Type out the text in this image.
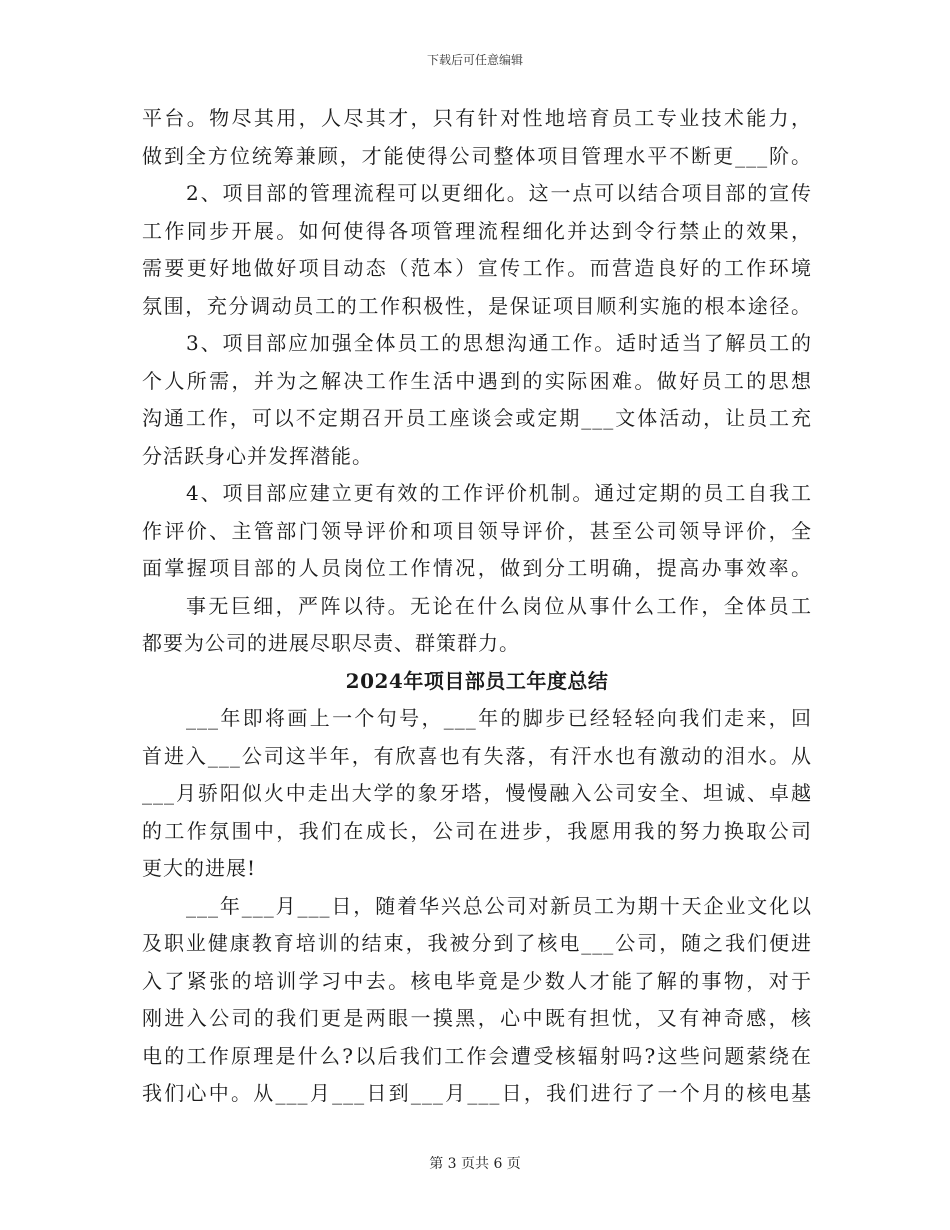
下载后可任意编辑
平台。物尽其用，人尽其才，只有针对性地培育员工专业技术能力，
做到全方位统筹兼顾，才能使得公司整体项目管理水平不断更___阶。
2、项目部的管理流程可以更细化。这一点可以结合项目部的宣传
工作同步开展。如何使得各项管理流程细化并达到令行禁止的效果，
需要更好地做好项目动态（范本）宣传工作。而营造良好的工作环境
氛围，充分调动员工的工作积极性，是保证项目顺利实施的根本途径。
3、项目部应加强全体员工的思想沟通工作。适时适当了解员工的
个人所需，并为之解决工作生活中遇到的实际困难。做好员工的思想
沟通工作，可以不定期召开员工座谈会或定期___文体活动，让员工充
分活跃身心并发挥潜能。
4、项目部应建立更有效的工作评价机制。通过定期的员工自我工
作评价、主管部门领导评价和项目领导评价，甚至公司领导评价，全
面掌握项目部的人员岗位工作情况，做到分工明确，提高办事效率。
事无巨细，严阵以待。无论在什么岗位从事什么工作，全体员工
都要为公司的进展尽职尽责、群策群力。
2024年项目部员工年度总结
___年即将画上一个句号，___年的脚步已经轻轻向我们走来，回
首进入___公司这半年，有欣喜也有失落，有汗水也有激动的泪水。从
___月骄阳似火中走出大学的象牙塔，慢慢融入公司安全、坦诚、卓越
的工作氛围中，我们在成长，公司在进步，我愿用我的努力换取公司
更大的进展!
___年___月___日，随着华兴总公司对新员工为期十天企业文化以
及职业健康教育培训的结束，我被分到了核电___公司，随之我们便进
入了紧张的培训学习中去。核电毕竟是少数人才能了解的事物，对于
刚进入公司的我们更是两眼一摸黑，心中既有担忧，又有神奇感，核
电的工作原理是什么?以后我们工作会遭受核辐射吗?这些问题萦绕在
我们心中。从___月___日到___月___日，我们进行了一个月的核电基
第 3 页共 6 页
